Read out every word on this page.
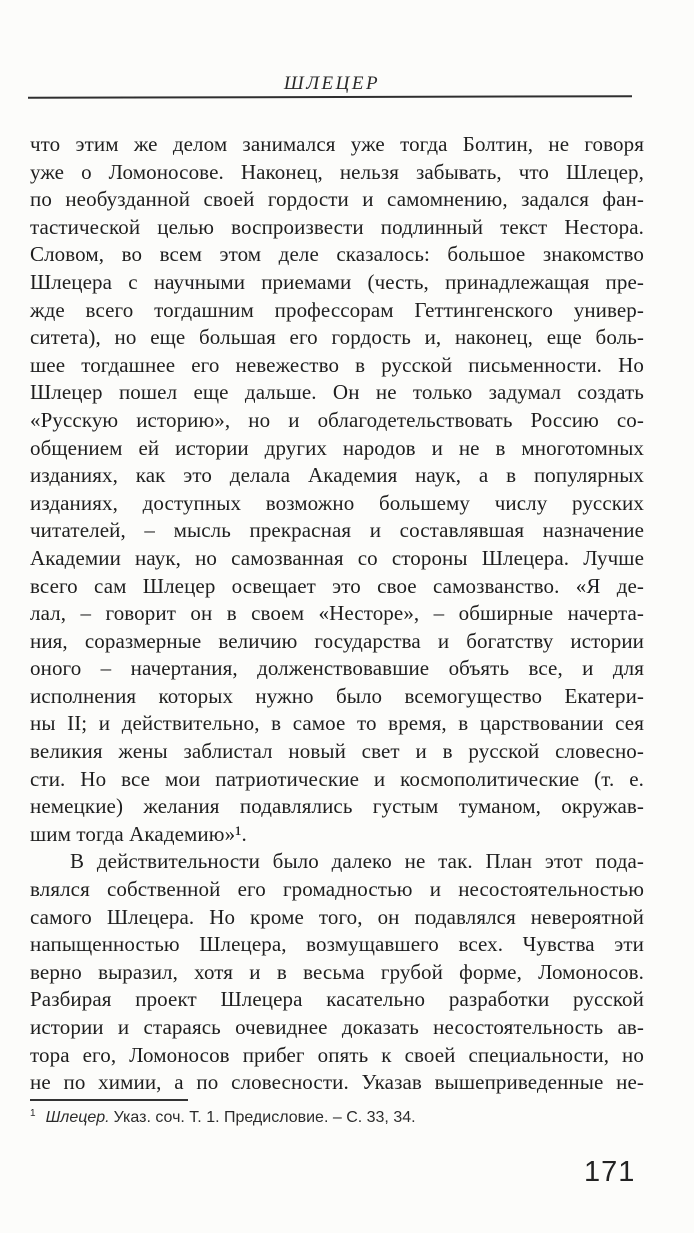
ШЛЕЦЕР
что этим же делом занимался уже тогда Болтин, не говоря
уже о Ломоносове. Наконец, нельзя забывать, что Шлецер,
по необузданной своей гордости и самомнению, задался фан-
тастической целью воспроизвести подлинный текст Нестора.
Словом, во всем этом деле сказалось: большое знакомство
Шлецера с научными приемами (честь, принадлежащая пре-
жде всего тогдашним профессорам Геттингенского универ-
ситета), но еще большая его гордость и, наконец, еще боль-
шее тогдашнее его невежество в русской письменности. Но
Шлецер пошел еще дальше. Он не только задумал создать
«Русскую историю», но и облагодетельствовать Россию со-
общением ей истории других народов и не в многотомных
изданиях, как это делала Академия наук, а в популярных
изданиях, доступных возможно большему числу русских
читателей, – мысль прекрасная и составлявшая назначение
Академии наук, но самозванная со стороны Шлецера. Лучше
всего сам Шлецер освещает это свое самозванство. «Я де-
лал, – говорит он в своем «Несторе», – обширные начерта-
ния, соразмерные величию государства и богатству истории
оного – начертания, долженствовавшие объять все, и для
исполнения которых нужно было всемогущество Екатери-
ны II; и действительно, в самое то время, в царствовании сея
великия жены заблистал новый свет и в русской словесно-
сти. Но все мои патриотические и космополитические (т. е.
немецкие) желания подавлялись густым туманом, окружав-
шим тогда Академию»¹.
В действительности было далеко не так. План этот пода-
влялся собственной его громадностью и несостоятельностью
самого Шлецера. Но кроме того, он подавлялся невероятной
напыщенностью Шлецера, возмущавшего всех. Чувства эти
верно выразил, хотя и в весьма грубой форме, Ломоносов.
Разбирая проект Шлецера касательно разработки русской
истории и стараясь очевиднее доказать несостоятельность ав-
тора его, Ломоносов прибег опять к своей специальности, но
не по химии, а по словесности. Указав вышеприведенные не-
$^1$ Шлецер. Указ. соч. Т. 1. Предисловие. – С. 33, 34.
171
